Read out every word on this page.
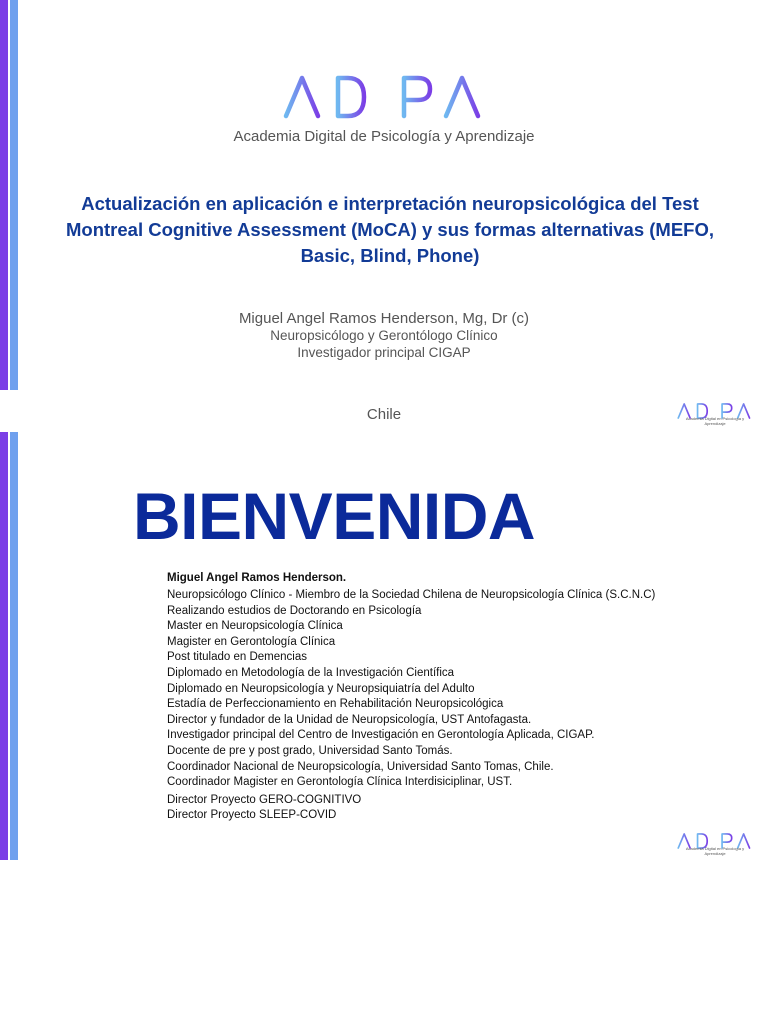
Academia Digital de Psicología y Aprendizaje

Actualización en aplicación e interpretación neuropsicológica del Test Montreal Cognitive Assessment (MoCA) y sus formas alternativas (MEFO, Basic, Blind, Phone)

Miguel Angel Ramos Henderson, Mg, Dr (c)

Neuropsicólogo y Gerontólogo Clínico

Investigador principal CIGAP

Chile	Academia Digital en Psicología y Aprendizaje
BIENVENIDA

Miguel Angel Ramos Henderson.

Neuropsicólogo Clínico - Miembro de la Sociedad Chilena de Neuropsicología Clínica (S.C.N.C)
Realizando estudios de Doctorando en Psicología
Master en Neuropsicología Clínica
Magister en Gerontología Clínica
Post titulado en Demencias
Diplomado en Metodología de la Investigación Científica
Diplomado en Neuropsicología y Neuropsiquiatría del Adulto
Estadía de Perfeccionamiento en Rehabilitación Neuropsicológica
Director y fundador de la Unidad de Neuropsicología, UST Antofagasta.
Investigador principal del Centro de Investigación en Gerontología Aplicada, CIGAP.
Docente de pre y post grado, Universidad Santo Tomás.
Coordinador Nacional de Neuropsicología, Universidad Santo Tomas, Chile.
Coordinador Magister en Gerontología Clínica Interdisiciplinar, UST.
Director Proyecto GERO-COGNITIVO
Director Proyecto SLEEP-COVID
Academia Digital en Psicología y Aprendizaje
